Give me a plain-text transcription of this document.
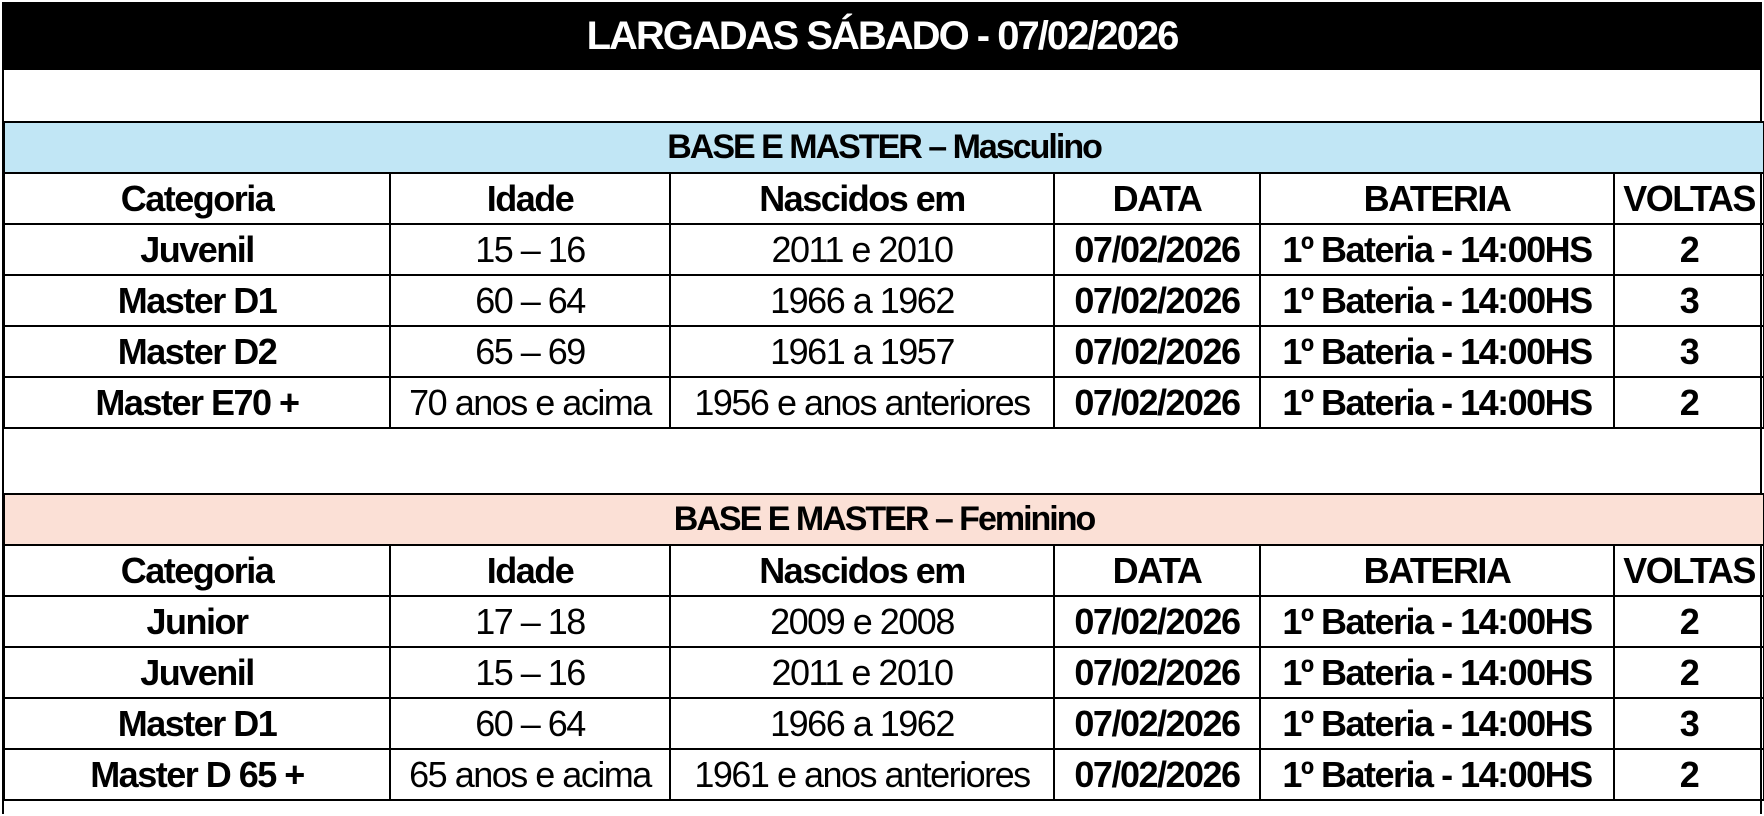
LARGADAS SÁBADO - 07/02/2026
BASE E MASTER – Masculino					
Categoria	Idade	Nascidos em	DATA	BATERIA	VOLTAS
Juvenil	15 – 16	2011 e 2010	07/02/2026	1º Bateria - 14:00HS	2
Master D1	60 – 64	1966 a 1962	07/02/2026	1º Bateria - 14:00HS	3
Master D2	65 – 69	1961 a 1957	07/02/2026	1º Bateria - 14:00HS	3
Master E70 +	70 anos e acima	1956 e anos anteriores	07/02/2026	1º Bateria - 14:00HS	2
BASE E MASTER – Feminino					
Categoria	Idade	Nascidos em	DATA	BATERIA	VOLTAS
Junior	17 – 18	2009 e 2008	07/02/2026	1º Bateria - 14:00HS	2
Juvenil	15 – 16	2011 e 2010	07/02/2026	1º Bateria - 14:00HS	2
Master D1	60 – 64	1966 a 1962	07/02/2026	1º Bateria - 14:00HS	3
Master D 65 +	65 anos e acima	1961 e anos anteriores	07/02/2026	1º Bateria - 14:00HS	2
